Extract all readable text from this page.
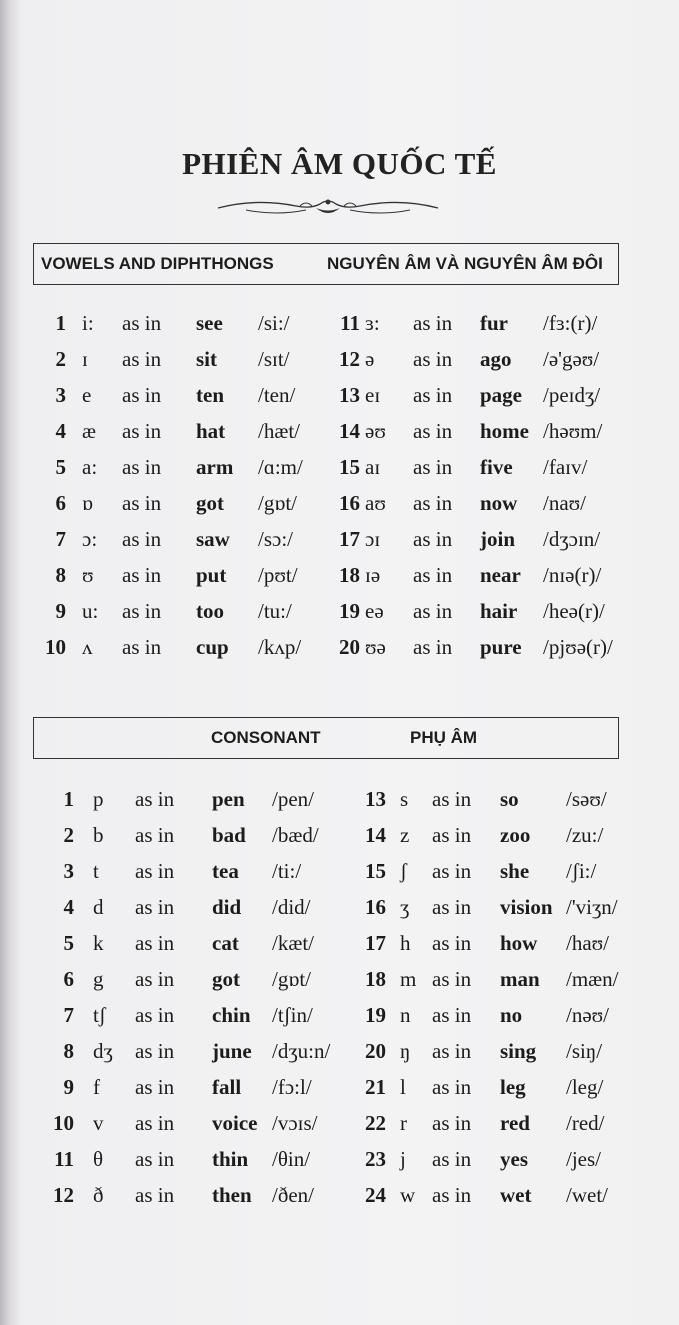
PHIÊN ÂM QUỐC TẾ
VOWELS AND DIPHTHONGS	NGUYÊN ÂM VÀ NGUYÊN ÂM ĐÔI
1 i: as in see /si:/
2 ɪ as in sit /sɪt/
3 e as in ten /ten/
4 æ as in hat /hæt/
5 a: as in arm /ɑ:m/
6 ɒ as in got /gɒt/
7 ɔ: as in saw /sɔ:/
8 ʊ as in put /pʊt/
9 u: as in too /tu:/
10 ʌ as in cup /kʌp/
11 ɜ: as in fur /fɜ:(r)/
12 ə as in ago /ə'gəʊ/
13 eɪ as in page /peɪdʒ/
14 əʊ as in home /həʊm/
15 aɪ as in five /faɪv/
16 aʊ as in now /naʊ/
17 ɔɪ as in join /dʒɔɪn/
18 ɪə as in near /nɪə(r)/
19 eə as in hair /heə(r)/
20 ʊə as in pure /pjʊə(r)/
CONSONANT	PHỤ ÂM
1 p as in pen /pen/
2 b as in bad /bæd/
3 t as in tea /ti:/
4 d as in did /did/
5 k as in cat /kæt/
6 g as in got /gɒt/
7 tʃ as in chin /tʃin/
8 dʒ as in june /dʒu:n/
9 f as in fall /fɔ:l/
10 v as in voice /vɔɪs/
11 θ as in thin /θin/
12 ð as in then /ðen/
13 s as in so /səʊ/
14 z as in zoo /zu:/
15 ʃ as in she /ʃi:/
16 ʒ as in vision /'viʒn/
17 h as in how /haʊ/
18 m as in man /mæn/
19 n as in no /nəʊ/
20 ŋ as in sing /siŋ/
21 l as in leg /leg/
22 r as in red /red/
23 j as in yes /jes/
24 w as in wet /wet/
